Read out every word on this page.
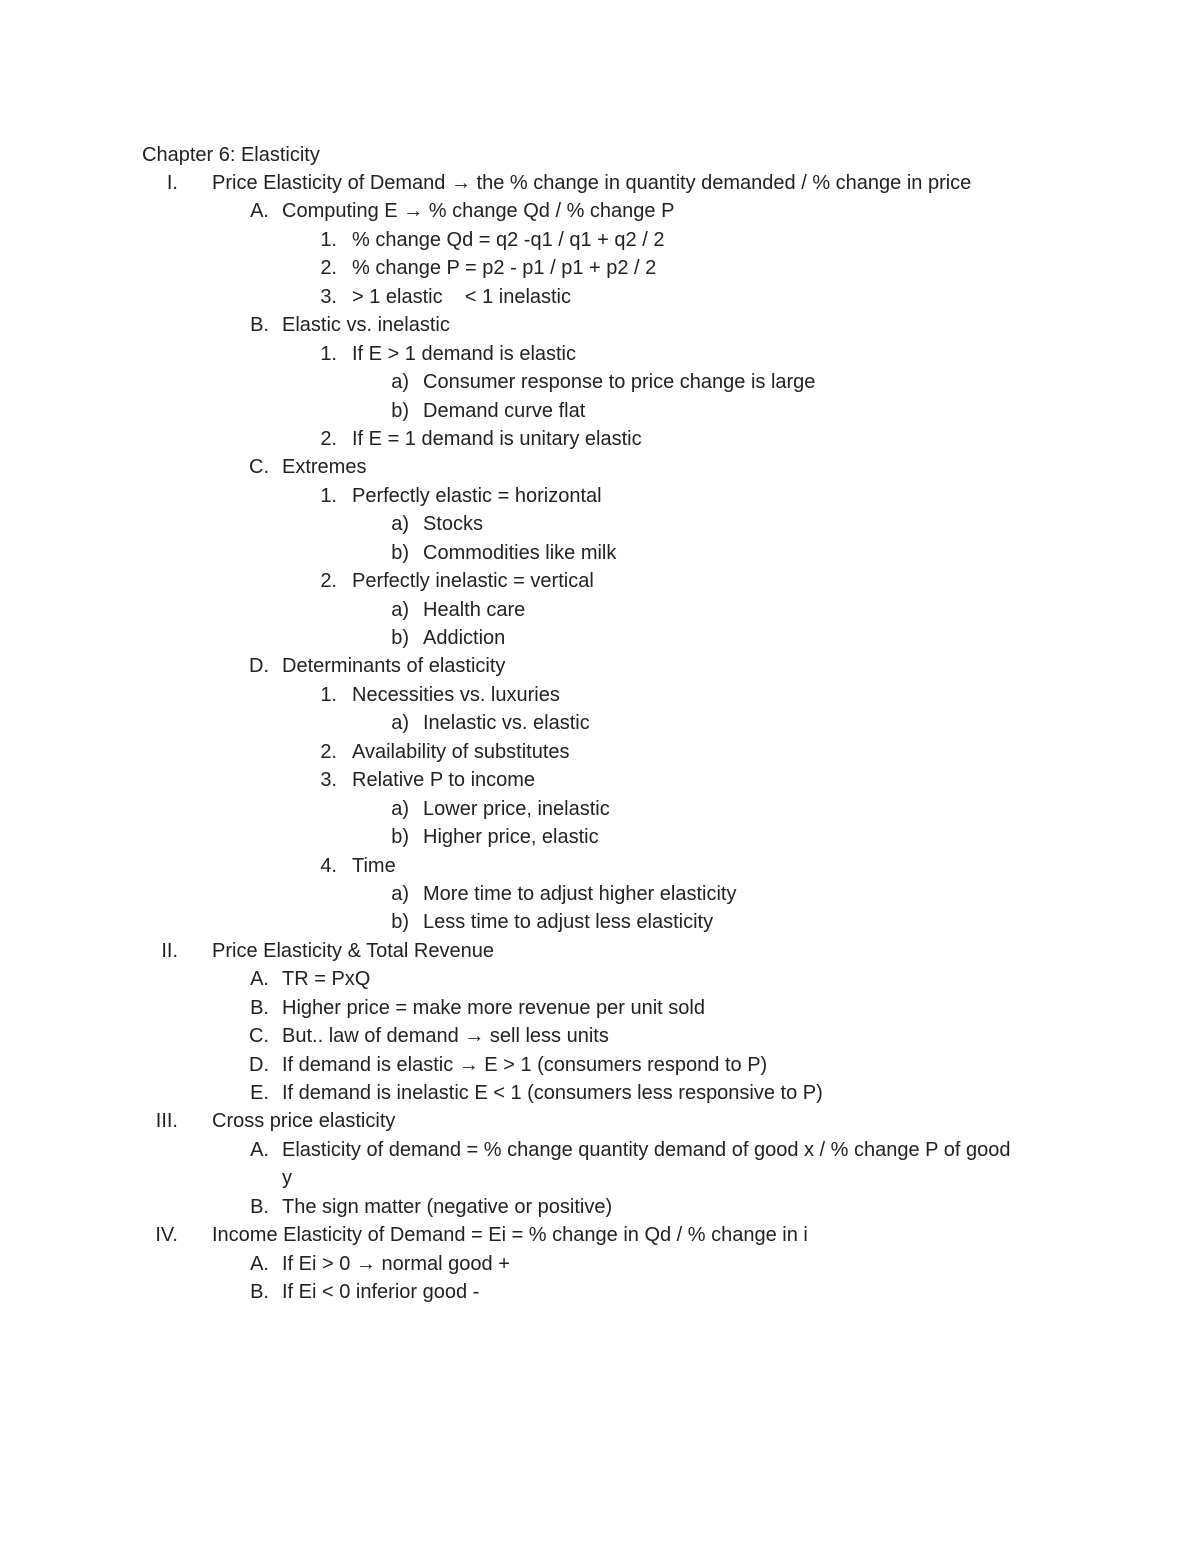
Chapter 6: Elasticity
I. Price Elasticity of Demand → the % change in quantity demanded / % change in price
A. Computing E → % change Qd / % change P
1. % change Qd = q2 -q1 / q1 + q2 / 2
2. % change P = p2 - p1 / p1 + p2 / 2
3. > 1 elastic    < 1 inelastic
B. Elastic vs. inelastic
1. If E > 1 demand is elastic
a) Consumer response to price change is large
b) Demand curve flat
2. If E = 1 demand is unitary elastic
C. Extremes
1. Perfectly elastic = horizontal
a) Stocks
b) Commodities like milk
2. Perfectly inelastic = vertical
a) Health care
b) Addiction
D. Determinants of elasticity
1. Necessities vs. luxuries
a) Inelastic vs. elastic
2. Availability of substitutes
3. Relative P to income
a) Lower price, inelastic
b) Higher price, elastic
4. Time
a) More time to adjust higher elasticity
b) Less time to adjust less elasticity
II. Price Elasticity & Total Revenue
A. TR = PxQ
B. Higher price = make more revenue per unit sold
C. But.. law of demand → sell less units
D. If demand is elastic → E > 1 (consumers respond to P)
E. If demand is inelastic E < 1 (consumers less responsive to P)
III. Cross price elasticity
A. Elasticity of demand = % change quantity demand of good x / % change P of good y
B. The sign matter (negative or positive)
IV. Income Elasticity of Demand = Ei = % change in Qd / % change in i
A. If Ei > 0 → normal good +
B. If Ei < 0 inferior good -
